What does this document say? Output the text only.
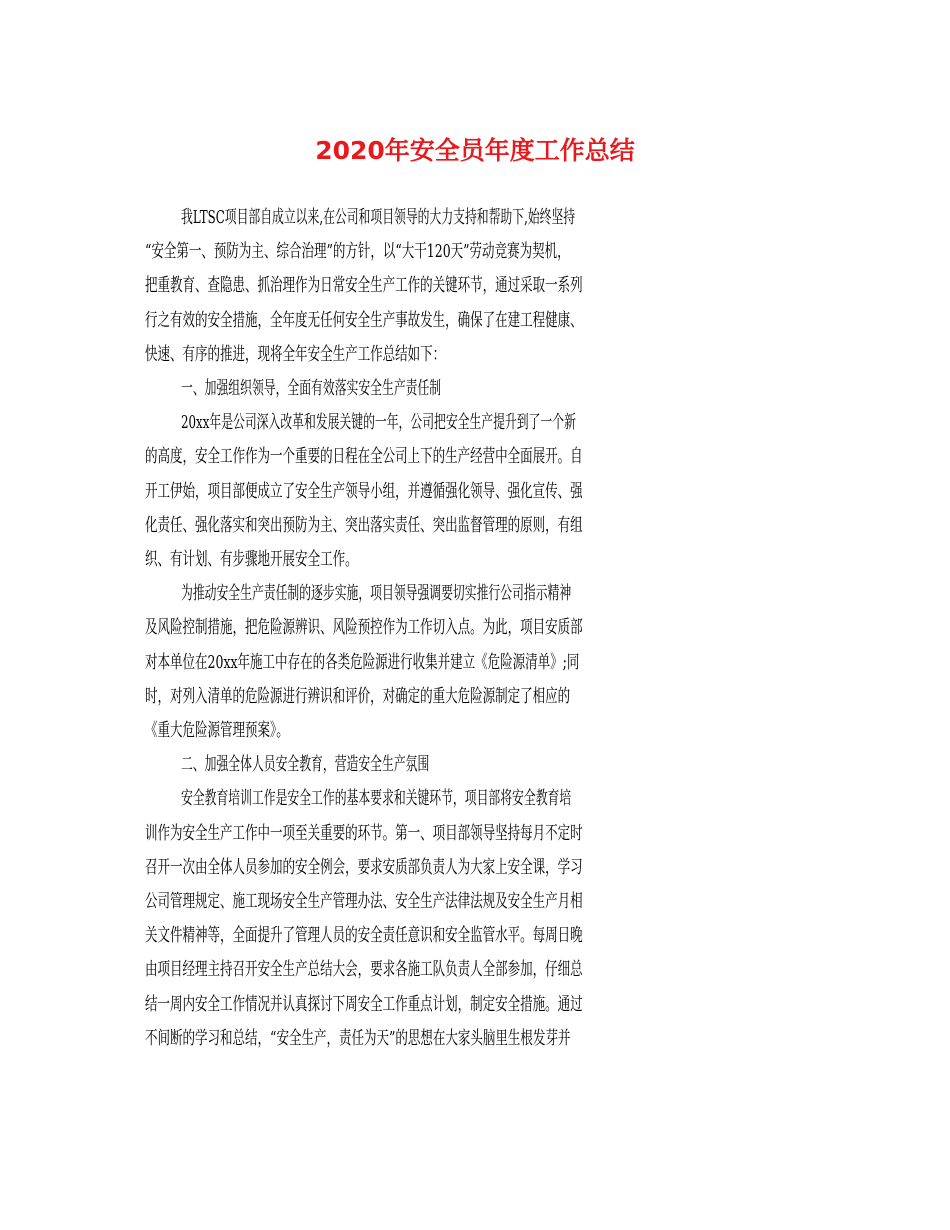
2020年安全员年度工作总结
我LTSC项目部自成立以来,在公司和项目领导的大力支持和帮助下,始终坚持
“安全第一、预防为主、综合治理”的方针，以“大干120天”劳动竞赛为契机，
把重教育、查隐患、抓治理作为日常安全生产工作的关键环节，通过采取一系列
行之有效的安全措施，全年度无任何安全生产事故发生，确保了在建工程健康、
快速、有序的推进，现将全年安全生产工作总结如下：
一、加强组织领导，全面有效落实安全生产责任制
20xx年是公司深入改革和发展关键的一年，公司把安全生产提升到了一个新
的高度，安全工作作为一个重要的日程在全公司上下的生产经营中全面展开。自
开工伊始，项目部便成立了安全生产领导小组，并遵循强化领导、强化宣传、强
化责任、强化落实和突出预防为主、突出落实责任、突出监督管理的原则，有组
织、有计划、有步骤地开展安全工作。
为推动安全生产责任制的逐步实施，项目领导强调要切实推行公司指示精神
及风险控制措施，把危险源辨识、风险预控作为工作切入点。为此，项目安质部
对本单位在20xx年施工中存在的各类危险源进行收集并建立《危险源清单》;同
时，对列入清单的危险源进行辨识和评价，对确定的重大危险源制定了相应的
《重大危险源管理预案》。
二、加强全体人员安全教育，营造安全生产氛围
安全教育培训工作是安全工作的基本要求和关键环节，项目部将安全教育培
训作为安全生产工作中一项至关重要的环节。第一、项目部领导坚持每月不定时
召开一次由全体人员参加的安全例会，要求安质部负责人为大家上安全课，学习
公司管理规定、施工现场安全生产管理办法、安全生产法律法规及安全生产月相
关文件精神等，全面提升了管理人员的安全责任意识和安全监管水平。每周日晚
由项目经理主持召开安全生产总结大会，要求各施工队负责人全部参加，仔细总
结一周内安全工作情况并认真探讨下周安全工作重点计划，制定安全措施。通过
不间断的学习和总结，“安全生产，责任为天”的思想在大家头脑里生根发芽并
